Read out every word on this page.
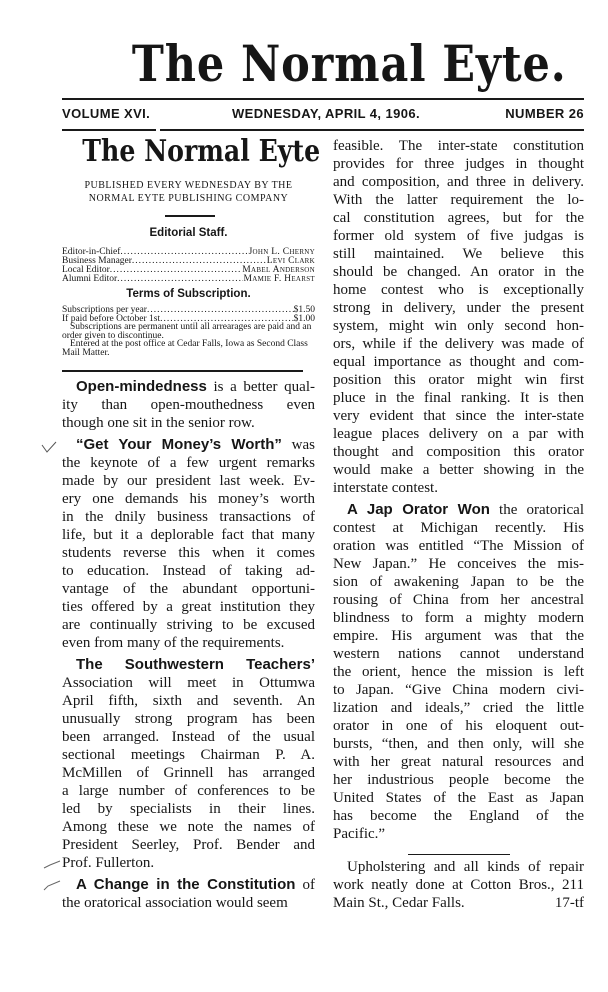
The Normal Eyte.
VOLUME XVI.	WEDNESDAY, APRIL 4, 1906.	NUMBER 26
The Normal Eyte
PUBLISHED EVERY WEDNESDAY BY THE
NORMAL EYTE PUBLISHING COMPANY
Editorial Staff.
Editor-in-Chief .....	John L. Cherny
Business Manager .....	Levi Clark
Local Editor .....	Mabel Anderson
Alumni Editor .....	Mamie F. Hearst
Terms of Subscription.
Subscriptions per year .....	$1.50
If paid before October 1st .....	$1.00
Subscriptions are permanent until all arrearages are paid and an order given to discontinue.
Entered at the post office at Cedar Falls, Iowa as Second Class Mail Matter.
Open-mindedness is a better qual-
ity than open-mouthedness even
though one sit in the senior row.
“Get Your Money’s Worth” was
the keynote of a few urgent remarks
made by our president last week. Ev-
ery one demands his money’s worth
in the dnily business transactions of
life, but it a deplorable fact that many
students reverse this when it comes
to education. Instead of taking ad-
vantage of the abundant opportuni-
ties offered by a great institution they
are continually striving to be excused
even from many of the requirements.
The Southwestern Teachers’
Association will meet in Ottumwa
April fifth, sixth and seventh. An
unusually strong program has been
been arranged. Instead of the usual
sectional meetings Chairman P. A.
McMillen of Grinnell has arranged
a large number of conferences to be
led by specialists in their lines.
Among these we note the names of
President Seerley, Prof. Bender and
Prof. Fullerton.
A Change in the Constitution of
the oratorical association would seem
feasible. The inter-state constitution
provides for three judges in thought
and composition, and three in delivery.
With the latter requirement the lo-
cal constitution agrees, but for the
former old system of five judgas is
still maintained. We believe this
should be changed. An orator in the
home contest who is exceptionally
strong in delivery, under the present
system, might win only second hon-
ors, while if the delivery was made of
equal importance as thought and com-
position this orator might win first
pluce in the final ranking. It is then
very evident that since the inter-state
league places delivery on a par with
thought and composition this orator
would make a better showing in the
interstate contest.
A Jap Orator Won the oratorical
contest at Michigan recently. His
oration was entitled “The Mission of
New Japan.” He conceives the mis-
sion of awakening Japan to be the
rousing of China from her ancestral
blindness to form a mighty modern
empire. His argument was that the
western nations cannot understand
the orient, hence the mission is left
to Japan. “Give China modern civi-
lization and ideals,” cried the little
orator in one of his eloquent out-
bursts, “then, and then only, will she
with her great natural resources and
her industrious people become the
United States of the East as Japan
has become the England of the
Pacific.”
Upholstering and all kinds of repair
work neatly done at Cotton Bros., 211
Main St., Cedar Falls.	17-tf
